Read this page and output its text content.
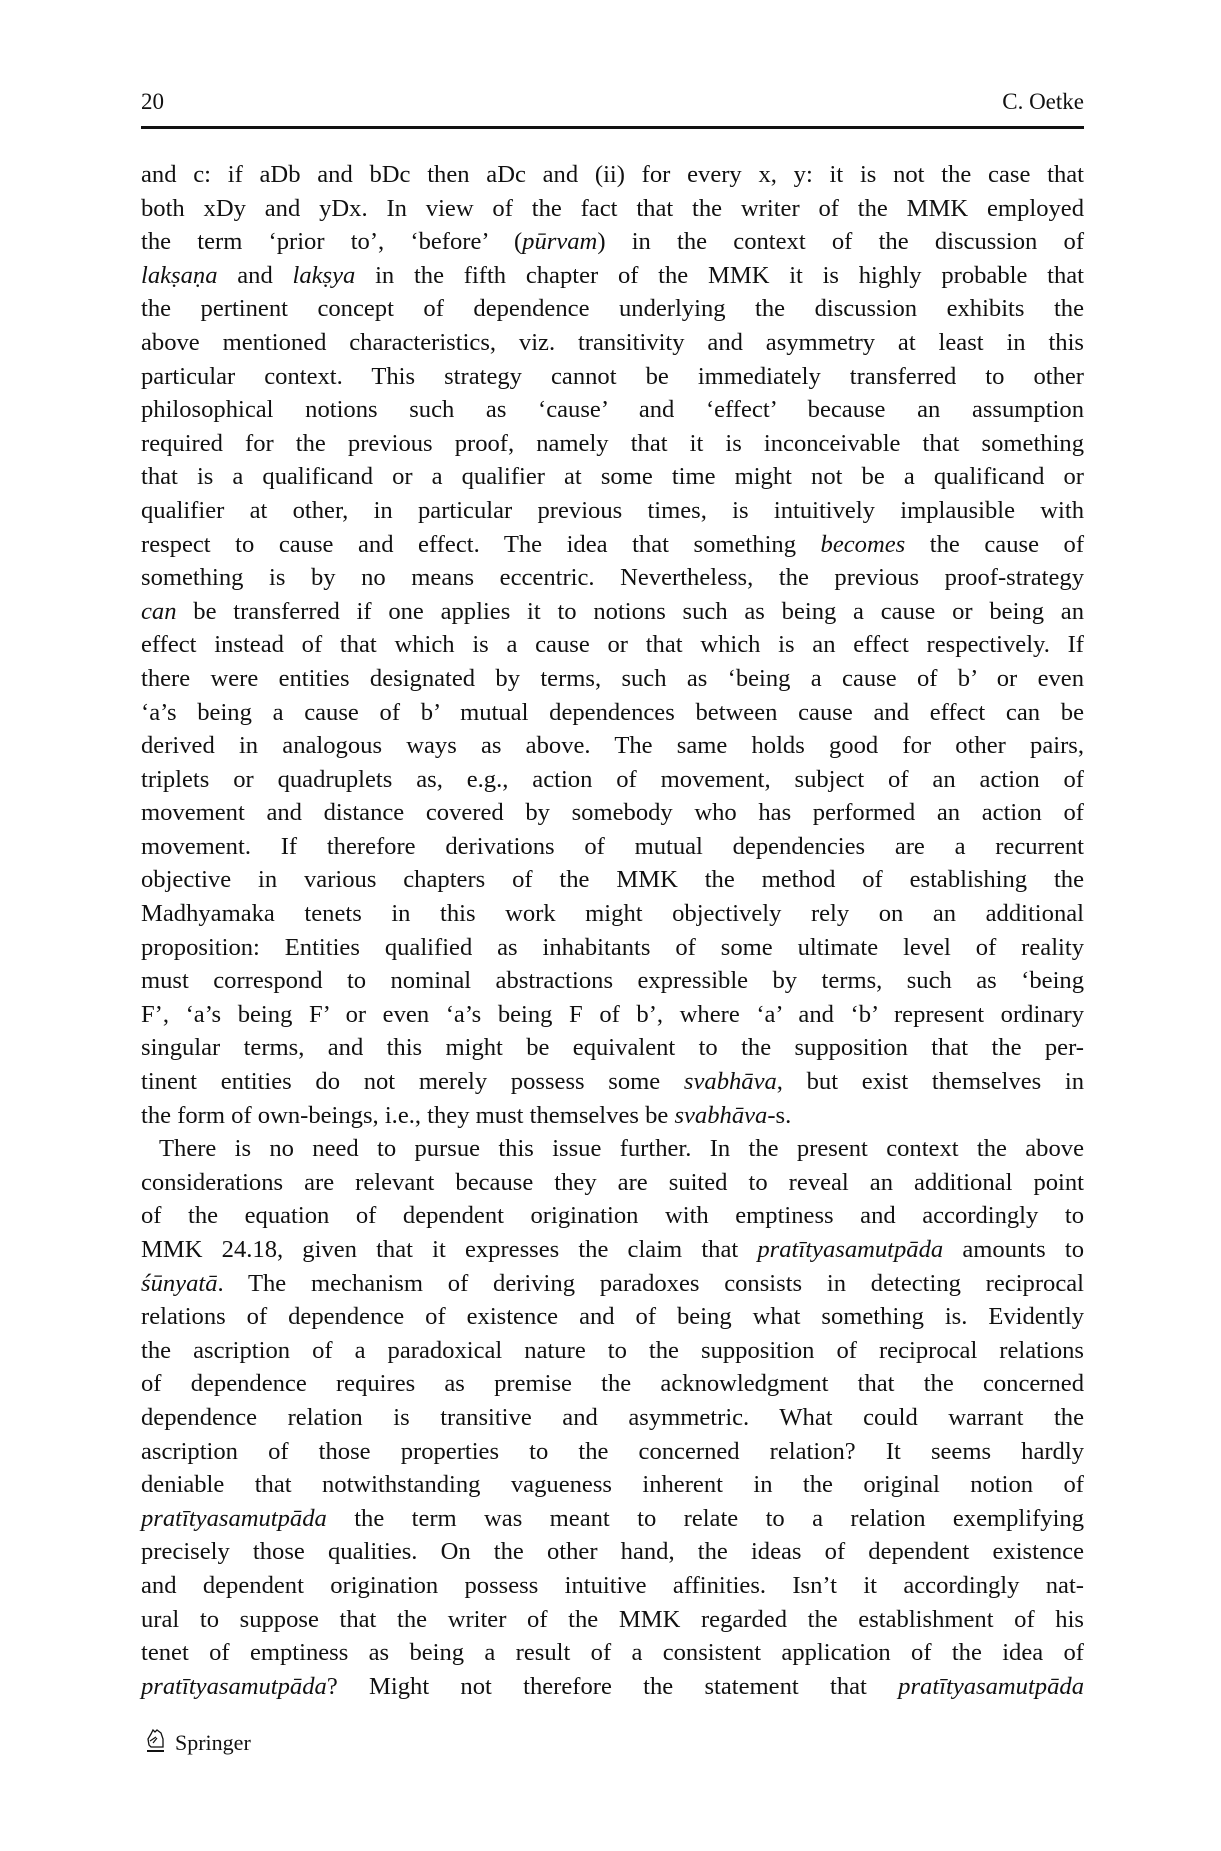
20	C. Oetke
and c: if aDb and bDc then aDc and (ii) for every x, y: it is not the case that
both xDy and yDx. In view of the fact that the writer of the MMK employed
the term ‘prior to’, ‘before’ (pūrvam) in the context of the discussion of
lakṣaṇa and lakṣya in the fifth chapter of the MMK it is highly probable that
the pertinent concept of dependence underlying the discussion exhibits the
above mentioned characteristics, viz. transitivity and asymmetry at least in this
particular context. This strategy cannot be immediately transferred to other
philosophical notions such as ‘cause’ and ‘effect’ because an assumption
required for the previous proof, namely that it is inconceivable that something
that is a qualificand or a qualifier at some time might not be a qualificand or
qualifier at other, in particular previous times, is intuitively implausible with
respect to cause and effect. The idea that something becomes the cause of
something is by no means eccentric. Nevertheless, the previous proof-strategy
can be transferred if one applies it to notions such as being a cause or being an
effect instead of that which is a cause or that which is an effect respectively. If
there were entities designated by terms, such as ‘being a cause of b’ or even
‘a’s being a cause of b’ mutual dependences between cause and effect can be
derived in analogous ways as above. The same holds good for other pairs,
triplets or quadruplets as, e.g., action of movement, subject of an action of
movement and distance covered by somebody who has performed an action of
movement. If therefore derivations of mutual dependencies are a recurrent
objective in various chapters of the MMK the method of establishing the
Madhyamaka tenets in this work might objectively rely on an additional
proposition: Entities qualified as inhabitants of some ultimate level of reality
must correspond to nominal abstractions expressible by terms, such as ‘being
F’, ‘a’s being F’ or even ‘a’s being F of b’, where ‘a’ and ‘b’ represent ordinary
singular terms, and this might be equivalent to the supposition that the per-
tinent entities do not merely possess some svabhāva, but exist themselves in
the form of own-beings, i.e., they must themselves be svabhāva-s.
There is no need to pursue this issue further. In the present context the above
considerations are relevant because they are suited to reveal an additional point
of the equation of dependent origination with emptiness and accordingly to
MMK 24.18, given that it expresses the claim that pratītyasamutpāda amounts to
śūnyatā. The mechanism of deriving paradoxes consists in detecting reciprocal
relations of dependence of existence and of being what something is. Evidently
the ascription of a paradoxical nature to the supposition of reciprocal relations
of dependence requires as premise the acknowledgment that the concerned
dependence relation is transitive and asymmetric. What could warrant the
ascription of those properties to the concerned relation? It seems hardly
deniable that notwithstanding vagueness inherent in the original notion of
pratītyasamutpāda the term was meant to relate to a relation exemplifying
precisely those qualities. On the other hand, the ideas of dependent existence
and dependent origination possess intuitive affinities. Isn’t it accordingly nat-
ural to suppose that the writer of the MMK regarded the establishment of his
tenet of emptiness as being a result of a consistent application of the idea of
pratītyasamutpāda? Might not therefore the statement that pratītyasamutpāda
Springer
